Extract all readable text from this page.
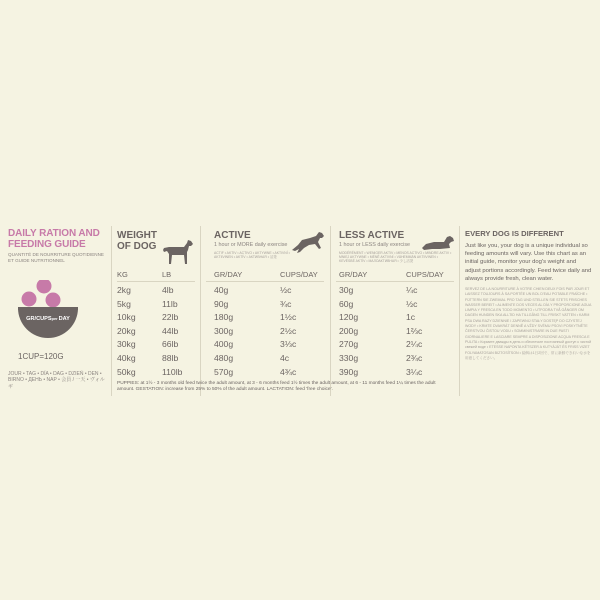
DAILY RATION AND FEEDING GUIDE
QUANTITÉ DE NOURRITURE QUOTIDIENNE ET GUIDE NUTRITIONNEL
GR/CUPSperDAY
1CUP=120G
JOUR • TAG • DÍA • DAG • DZIEŃ • DEN • BIRNO • ДЕНЬ • NAP • 会員 / 一天 • ヴォルギ
WEIGHT OF DOG
ACTIVE
1 hour or MORE daily exercise
ACTIF • AKTIV • ACTIVO • AKTYWNE • AKTIVNÍ • AKTIIVINEN • AKTÍV • АКТИВНАЯ • 活発
LESS ACTIVE
1 hour or LESS daily exercise
MODÉRÉMENT • WENIGER AKTIV • MENOS ACTIVO • MINDRE AKTIV • MNIEJ AKTYWNE • MÉNĚ AKTIVNÍ • VÄHEMMÄN AKTIIVINEN • KEVÉSBÉ AKTÍV • МАЛОАКТИВНАЯ • 少し活発
KG	LB	GR/DAY	CUPS/DAY	GR/DAY	CUPS/DAY
2kg	4lb	40g	½c	30g	¼c
5kg	11lb	90g	¾c	60g	½c
10kg	22lb	180g	1½c	120g	1c
20kg	44lb	300g	2½c	200g	1⅔c
30kg	66lb	400g	3⅓c	270g	2¼c
40kg	88lb	480g	4c	330g	2¾c
50kg	110lb	570g	4¾c	390g	3¼c
PUPPIES: at 1½ - 3 months old feed twice the adult amount, at 3 - 6 months feed 1½ times the adult amount, at 6 - 11 months feed 1¼ times the adult amount. GESTATION: increase from 25% to 50% of the adult amount. LACTATION: feed 'free choice'.
EVERY DOG IS DIFFERENT
Just like you, your dog is a unique individual so feeding amounts will vary. Use this chart as an initial guide, monitor your dog's weight and adjust portions accordingly. Feed twice daily and always provide fresh, clean water.
SERVEZ DE LA NOURRITURE À VOTRE CHIEN DEUX FOIS PAR JOUR ET LAISSEZ TOUJOURS À SA PORTÉE UN BOL D'EAU POTABLE FRAÎCHE • FÜTTERN SIE ZWEIMAL PRO TAG UND STELLEN SIE STETS FRISCHES WASSER BEREIT • ALIMENTE DOS VECES AL DÍA Y PROPORCIONE AGUA LIMPIA Y FRESCA EN TODO MOMENTO • UTFODRA TVÅ GÅNGER OM DAGEN HUNDEN SKA ALLTID HA TILLGÅNG TILL FRISKT VATTEN • KARM PSA DWA RAZY DZIENNIE I ZAPEWNIJ STAŁY DOSTĘP DO CZYSTEJ WODY • KRMTE DVAKRÁT DENNĚ A VŽDY SVÉMU PSOVI POSKYTNĚTE ČERSTVOU ČISTOU VODU • SOMMINISTRARE IN DUE PASTI GIORNALIERE E LASCIARE SEMPRE A DISPOSIZIONE ACQUA FRESCA E PULITA • Кормите дважды в день и обеспечьте постоянный доступ к чистой свежей воде • ETESSE NAPONTA KÉTSZER A KUTYÁJÁT ÉS FRISS VIZET FOLYAMATOSAN BIZTOSÍTSON • 給餌は1日2回で、常に新鮮できれいな水を用意してください。
